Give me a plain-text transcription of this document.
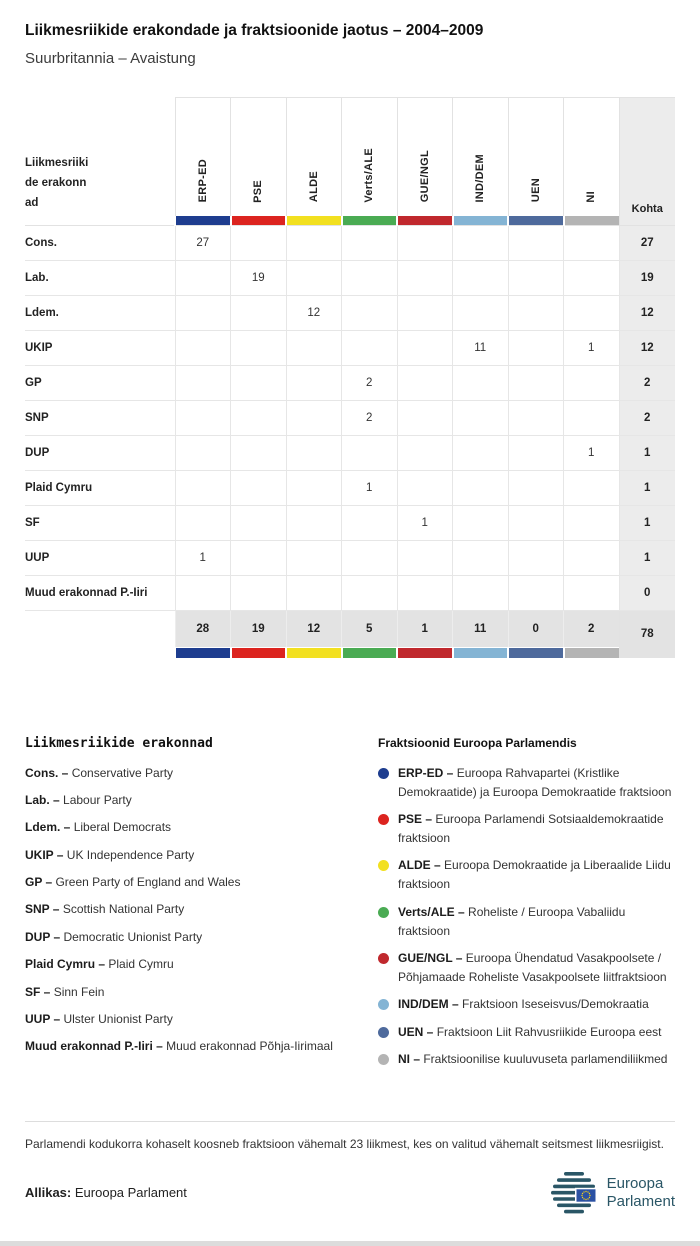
Liikmesriikide erakondade ja fraktsioonide jaotus – 2004–2009
Suurbritannia – Avaistung
Liikmesriikide erakonnad	ERP-ED	PSE	ALDE	Verts/ALE	GUE/NGL	IND/DEM	UEN	NI	Kohta

Cons.	27								27
Lab.		19							19
Ldem.			12						12
UKIP						11		1	12
GP				2					2
SNP				2					2
DUP								1	1
Plaid Cymru				1					1
SF					1				1
UUP	1								1
Muud erakonnad P.-Iiri									0
	28	19	12	5	1	11	0	2	78

Liikmesriikide erakonnad
Cons. – Conservative Party
Lab. – Labour Party
Ldem. – Liberal Democrats
UKIP – UK Independence Party
GP – Green Party of England and Wales
SNP – Scottish National Party
DUP – Democratic Unionist Party
Plaid Cymru – Plaid Cymru
SF – Sinn Fein
UUP – Ulster Unionist Party
Muud erakonnad P.-Iiri – Muud erakonnad Põhja-Iirimaal
Fraktsioonid Euroopa Parlamendis
ERP-ED – Euroopa Rahvapartei (Kristlike Demokraatide) ja Euroopa Demokraatide fraktsioon
PSE – Euroopa Parlamendi Sotsiaaldemokraatide fraktsioon
ALDE – Euroopa Demokraatide ja Liberaalide Liidu fraktsioon
Verts/ALE – Roheliste / Euroopa Vabaliidu fraktsioon
GUE/NGL – Euroopa Ühendatud Vasakpoolsete / Põhjamaade Roheliste Vasakpoolsete liitfraktsioon
IND/DEM – Fraktsioon Iseseisvus/Demokraatia
UEN – Fraktsioon Liit Rahvusriikide Euroopa eest
NI – Fraktsioonilise kuuluvuseta parlamendiliikmed
Parlamendi kodukorra kohaselt koosneb fraktsioon vähemalt 23 liikmest, kes on valitud vähemalt seitsmest liikmesriigist.
Allikas: Euroopa Parlament
Euroopa
Parlament
